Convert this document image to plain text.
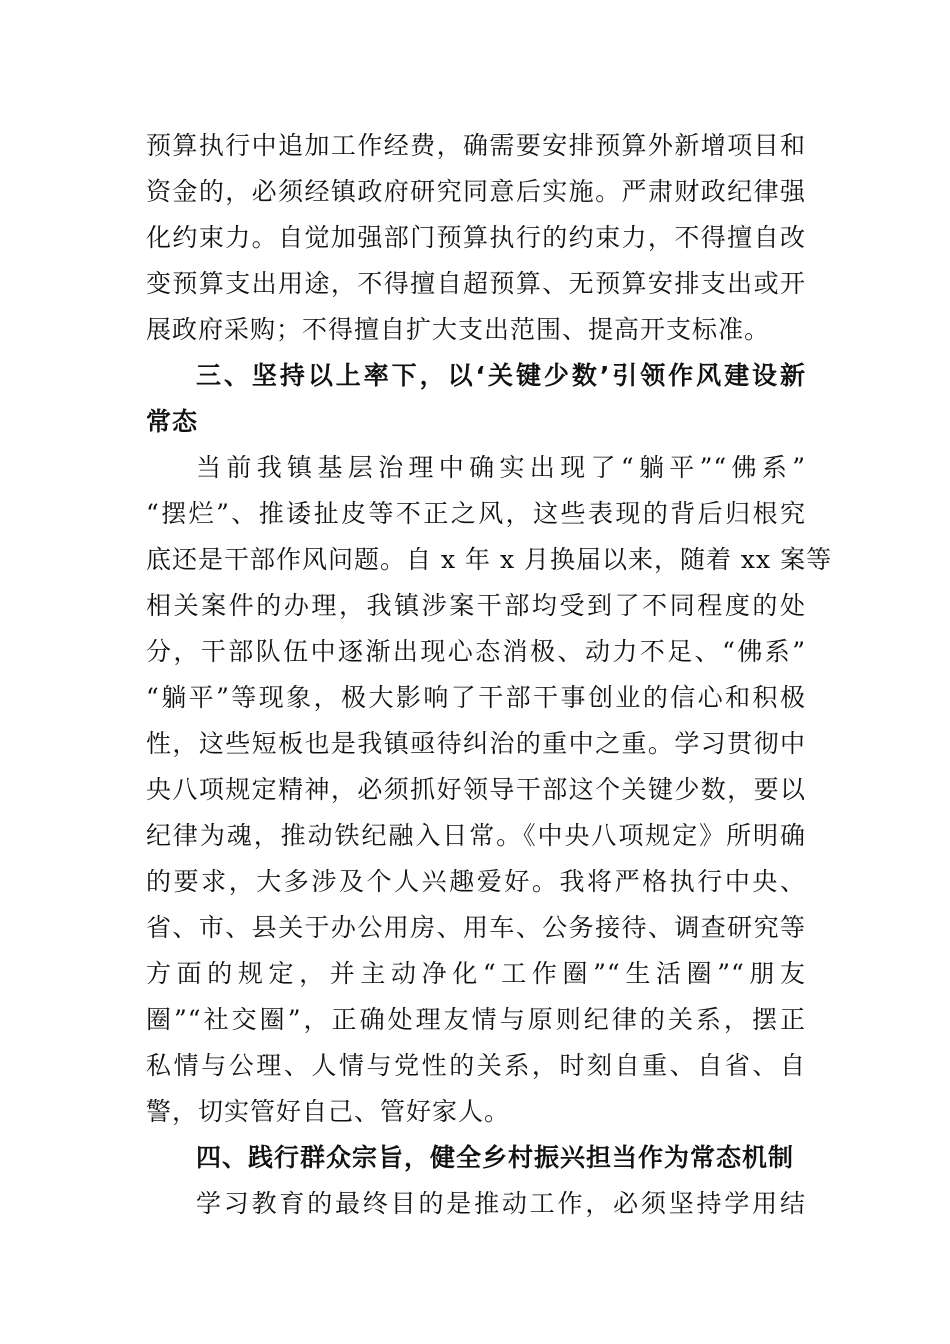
预算执行中追加工作经费，确需要安排预算外新增项目和
资金的，必须经镇政府研究同意后实施。严肃财政纪律强
化约束力。自觉加强部门预算执行的约束力，不得擅自改
变预算支出用途，不得擅自超预算、无预算安排支出或开
展政府采购；不得擅自扩大支出范围、提高开支标准。
三、坚持以上率下，以‘关键少数’引领作风建设新
常态
当前我镇基层治理中确实出现了“躺平”“佛系”
“摆烂”、推诿扯皮等不正之风，这些表现的背后归根究
底还是干部作风问题。自 x 年 x 月换届以来，随着 xx 案等
相关案件的办理，我镇涉案干部均受到了不同程度的处
分，干部队伍中逐渐出现心态消极、动力不足、“佛系”
“躺平”等现象，极大影响了干部干事创业的信心和积极
性，这些短板也是我镇亟待纠治的重中之重。学习贯彻中
央八项规定精神，必须抓好领导干部这个关键少数，要以
纪律为魂，推动铁纪融入日常。《中央八项规定》所明确
的要求，大多涉及个人兴趣爱好。我将严格执行中央、
省、市、县关于办公用房、用车、公务接待、调查研究等
方面的规定，并主动净化“工作圈”“生活圈”“朋友
圈”“社交圈”，正确处理友情与原则纪律的关系，摆正
私情与公理、人情与党性的关系，时刻自重、自省、自
警，切实管好自己、管好家人。
四、践行群众宗旨，健全乡村振兴担当作为常态机制
学习教育的最终目的是推动工作，必须坚持学用结
